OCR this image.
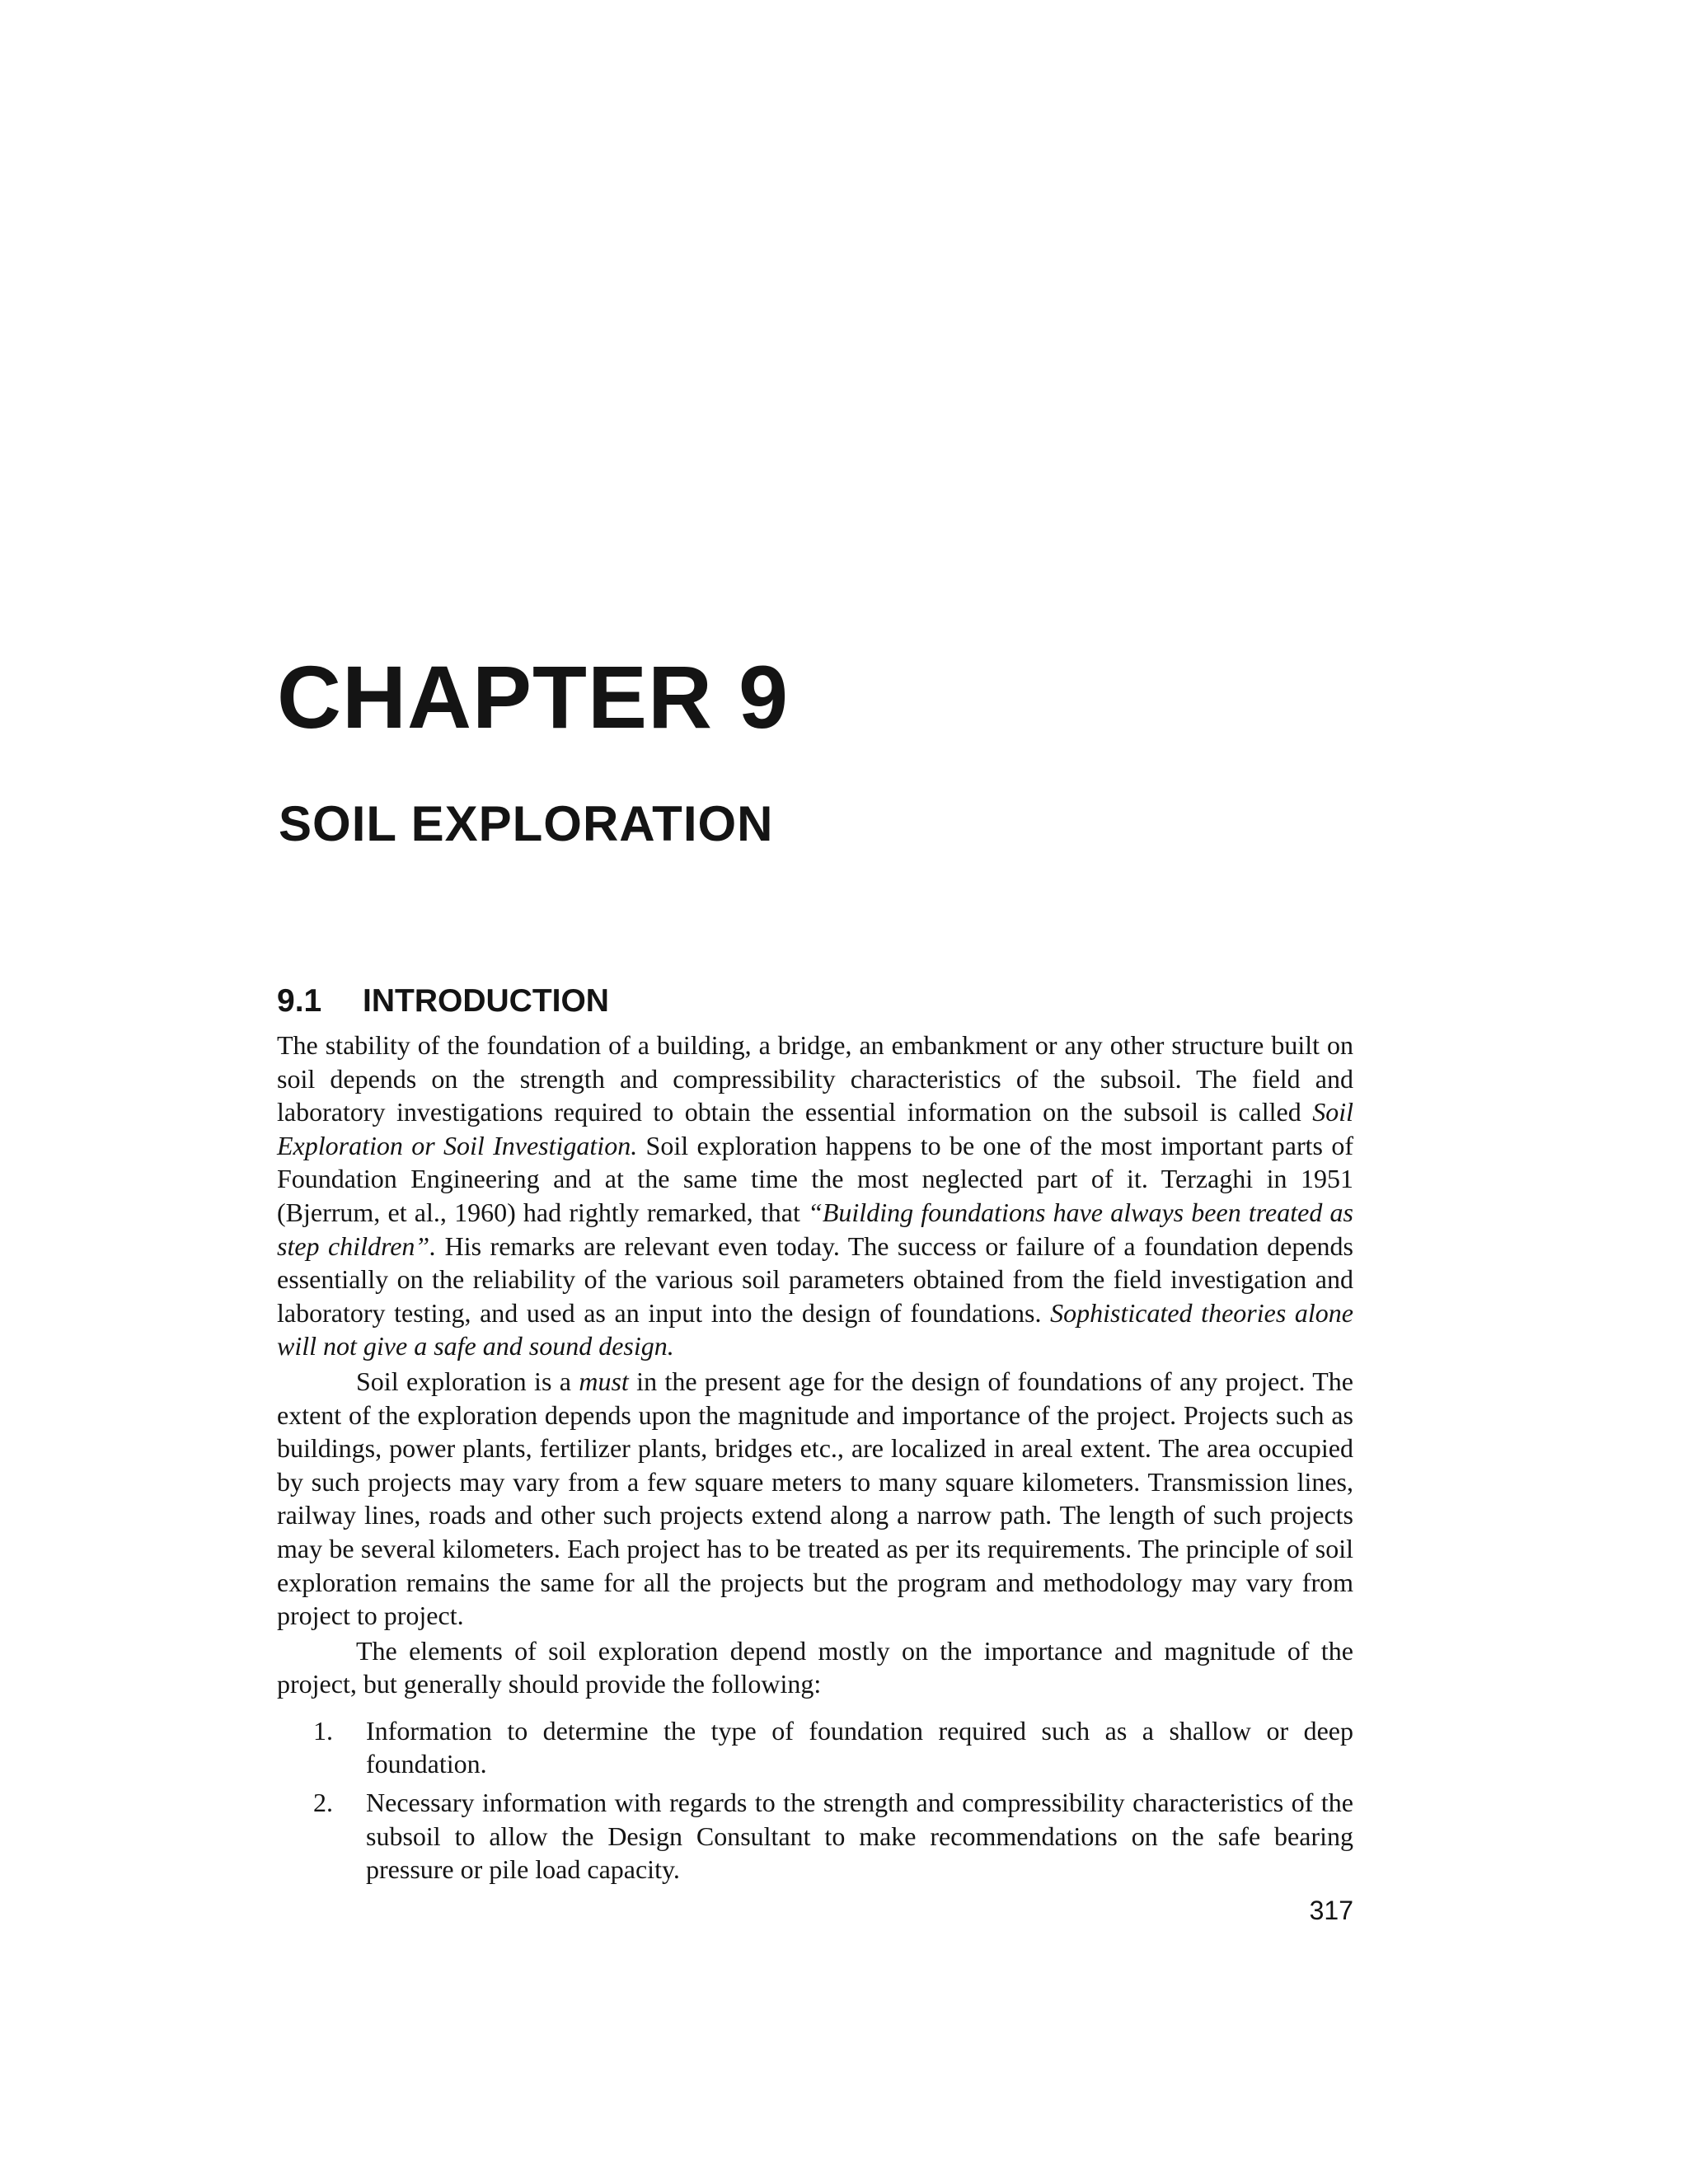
CHAPTER 9
SOIL EXPLORATION
9.1 INTRODUCTION

The stability of the foundation of a building, a bridge, an embankment or any other structure built on soil depends on the strength and compressibility characteristics of the subsoil. The field and laboratory investigations required to obtain the essential information on the subsoil is called Soil Exploration or Soil Investigation. Soil exploration happens to be one of the most important parts of Foundation Engineering and at the same time the most neglected part of it. Terzaghi in 1951 (Bjerrum, et al., 1960) had rightly remarked, that “Building foundations have always been treated as step children”. His remarks are relevant even today. The success or failure of a foundation depends essentially on the reliability of the various soil parameters obtained from the field investigation and laboratory testing, and used as an input into the design of foundations. Sophisticated theories alone will not give a safe and sound design.

Soil exploration is a must in the present age for the design of foundations of any project. The extent of the exploration depends upon the magnitude and importance of the project. Projects such as buildings, power plants, fertilizer plants, bridges etc., are localized in areal extent. The area occupied by such projects may vary from a few square meters to many square kilometers. Transmission lines, railway lines, roads and other such projects extend along a narrow path. The length of such projects may be several kilometers. Each project has to be treated as per its requirements. The principle of soil exploration remains the same for all the projects but the program and methodology may vary from project to project.

The elements of soil exploration depend mostly on the importance and magnitude of the project, but generally should provide the following:

1. Information to determine the type of foundation required such as a shallow or deep foundation.
2. Necessary information with regards to the strength and compressibility characteristics of the subsoil to allow the Design Consultant to make recommendations on the safe bearing pressure or pile load capacity.
317
